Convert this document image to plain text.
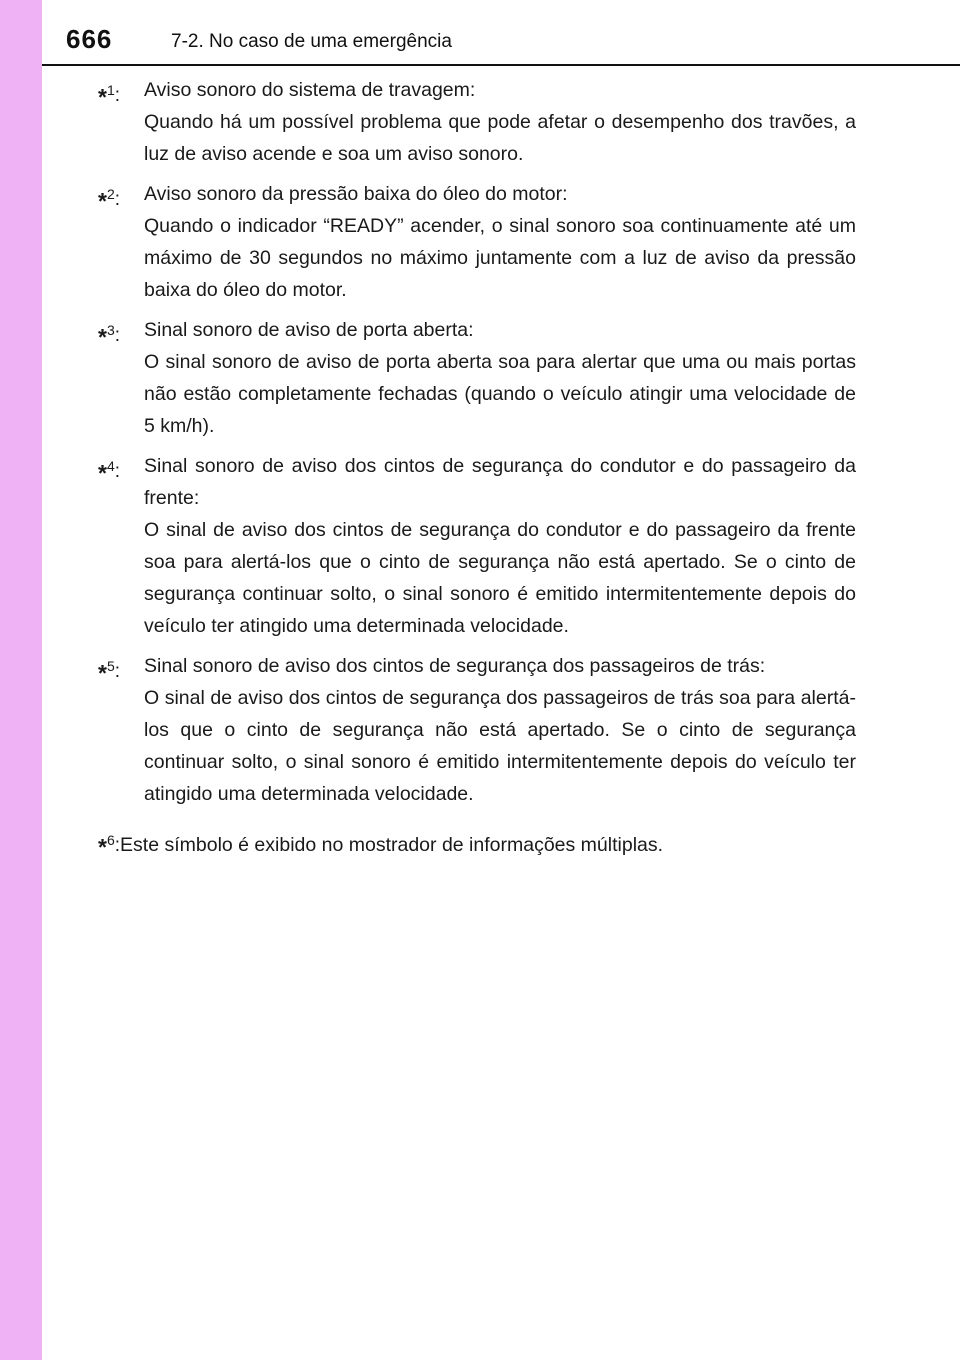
666	7-2. No caso de uma emergência
*$^1$:	Aviso sonoro do sistema de travagem:
Quando há um possível problema que pode afetar o desempenho dos travões, a luz de aviso acende e soa um aviso sonoro.
*$^2$:	Aviso sonoro da pressão baixa do óleo do motor:
Quando o indicador “READY” acender, o sinal sonoro soa continuamente até um máximo de 30 segundos no máximo juntamente com a luz de aviso da pressão baixa do óleo do motor.
*$^3$:	Sinal sonoro de aviso de porta aberta:
O sinal sonoro de aviso de porta aberta soa para alertar que uma ou mais portas não estão completamente fechadas (quando o veículo atingir uma velocidade de 5 km/h).
*$^4$:	Sinal sonoro de aviso dos cintos de segurança do condutor e do passageiro da frente:
O sinal de aviso dos cintos de segurança do condutor e do passageiro da frente soa para alertá-los que o cinto de segurança não está apertado. Se o cinto de segurança continuar solto, o sinal sonoro é emitido intermitentemente depois do veículo ter atingido uma determinada velocidade.
*$^5$:	Sinal sonoro de aviso dos cintos de segurança dos passageiros de trás:
O sinal de aviso dos cintos de segurança dos passageiros de trás soa para alertá-los que o cinto de segurança não está apertado. Se o cinto de segurança continuar solto, o sinal sonoro é emitido intermitentemente depois do veículo ter atingido uma determinada velocidade.
*$^6$:Este símbolo é exibido no mostrador de informações múltiplas.
